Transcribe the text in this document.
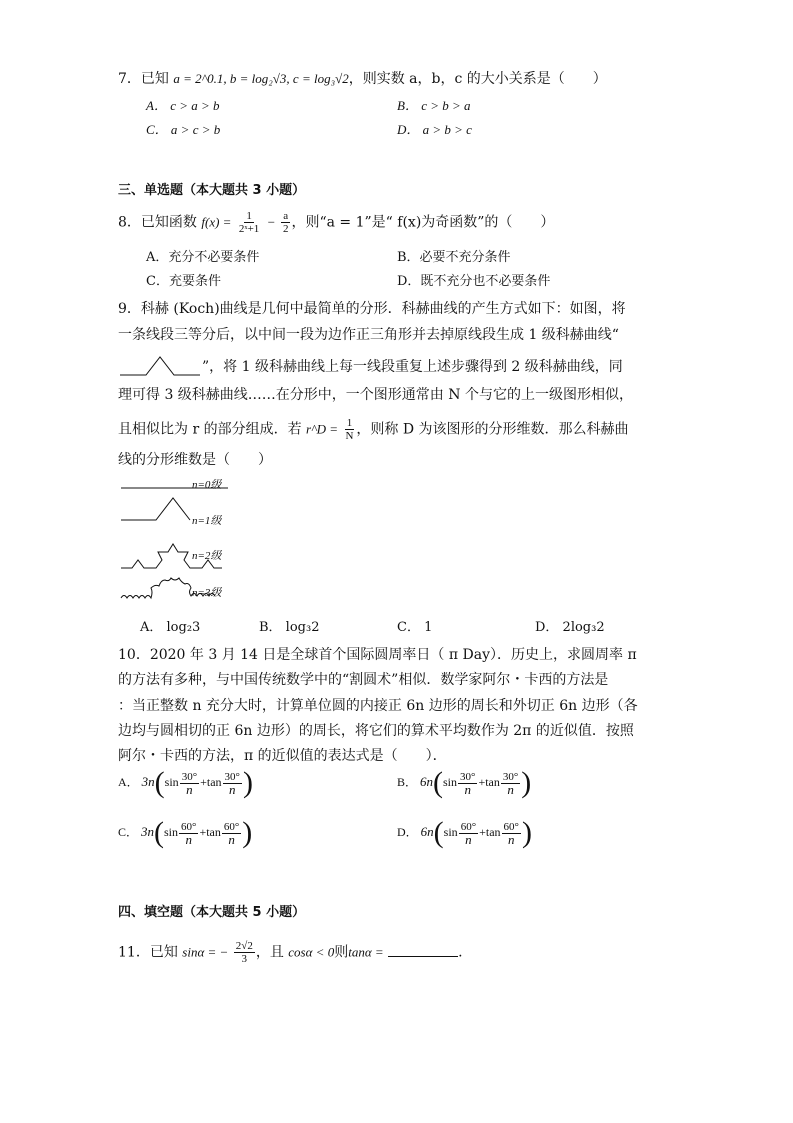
7．已知 a = 2^0.1, b = log₂√3, c = log₃√2，则实数 a，b，c 的大小关系是（　　）
A． c > a > b	B． c > b > a
C． a > c > b	D． a > b > c
三、单选题（本大题共 3 小题）
8．已知函数 $f(x) = \frac{1}{\text{2ˣ+1}} - \frac{a}{2}$ ，则“a = 1”是“ f(x)为奇函数”的（　　）
A．充分不必要条件	B．必要不充分条件
C．充要条件	D．既不充分也不必要条件
9．科赫 (Koch)曲线是几何中最简单的分形．科赫曲线的产生方式如下：如图，将
一条线段三等分后，以中间一段为边作正三角形并去掉原线段生成 1 级科赫曲线“
”，将 1 级科赫曲线上每一线段重复上述步骤得到 2 级科赫曲线，同
理可得 3 级科赫曲线……在分形中，一个图形通常由 N 个与它的上一级图形相似，
且相似比为 r 的部分组成．若 r^D = $\frac{1}{N}$ ，则称 D 为该图形的分形维数．那么科赫曲
线的分形维数是（　　）
n=0级
n=1级
n=2级
n=3级
A． log₂3	B． log₃2	C． 1	D． 2log₃2
10．2020 年 3 月 14 日是全球首个国际圆周率日（ π Day）．历史上，求圆周率 π
的方法有多种，与中国传统数学中的“割圆术”相似．数学家阿尔・卡西的方法是
：当正整数 n 充分大时，计算单位圆的内接正 6n 边形的周长和外切正 6n 边形（各
边均与圆相切的正 6n 边形）的周长，将它们的算术平均数作为 2π 的近似值．按照
阿尔・卡西的方法，π 的近似值的表达式是（　　）．
A． $3n(\sin \frac{30^\circ}{n} +\tan \frac{30^\circ}{n}$ )	B． $6n(\sin \frac{30^\circ}{n} +\tan \frac{30^\circ}{n}$ )
C． $3n(\sin \frac{60^\circ}{n} +\tan \frac{60^\circ}{n}$ )	D． $6n(\sin \frac{60^\circ}{n} +\tan \frac{60^\circ}{n}$ )
四、填空题（本大题共 5 小题）
11．已知 sinα = − $\frac{2√2}{3}$ ，且 cosα < 0则tanα =	.
